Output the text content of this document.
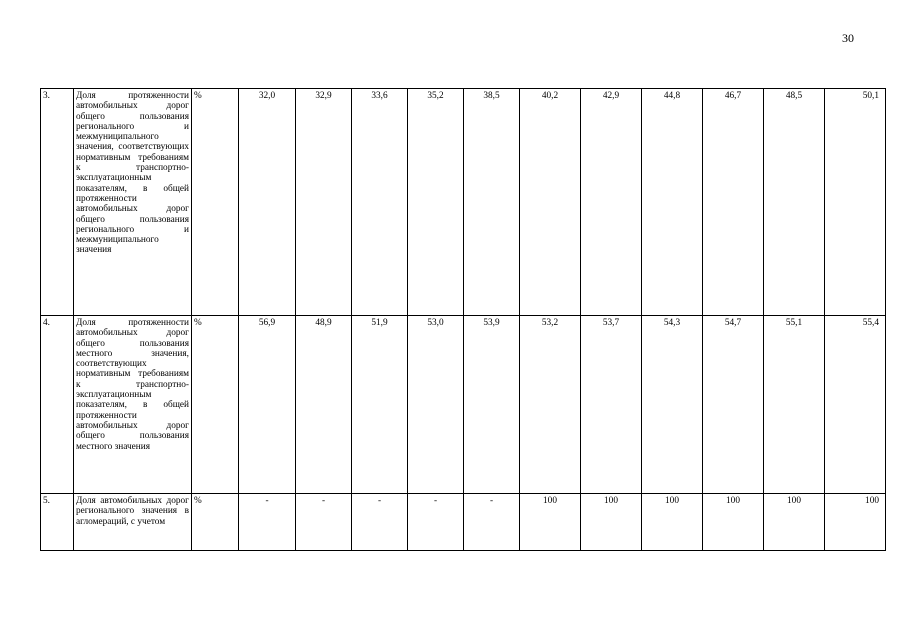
30
3.	Доля протяженности автомобильных дорог общего пользования регионального и межмуниципального значения, соответствующих нормативным требованиям к транспортно-эксплуатационным показателям, в общей протяженности автомобильных дорог общего пользования регионального и межмуниципального значения	%	32,0	32,9	33,6	35,2	38,5	40,2	42,9	44,8	46,7	48,5	50,1
4.	Доля протяженности автомобильных дорог общего пользования местного значения, соответствующих нормативным требованиям к транспортно-эксплуатационным показателям, в общей протяженности автомобильных дорог общего пользования местного значения	%	56,9	48,9	51,9	53,0	53,9	53,2	53,7	54,3	54,7	55,1	55,4
5.	Доля автомобильных дорог регионального значения в агломераций, с учетом	%	-	-	-	-	-	100	100	100	100	100	100
